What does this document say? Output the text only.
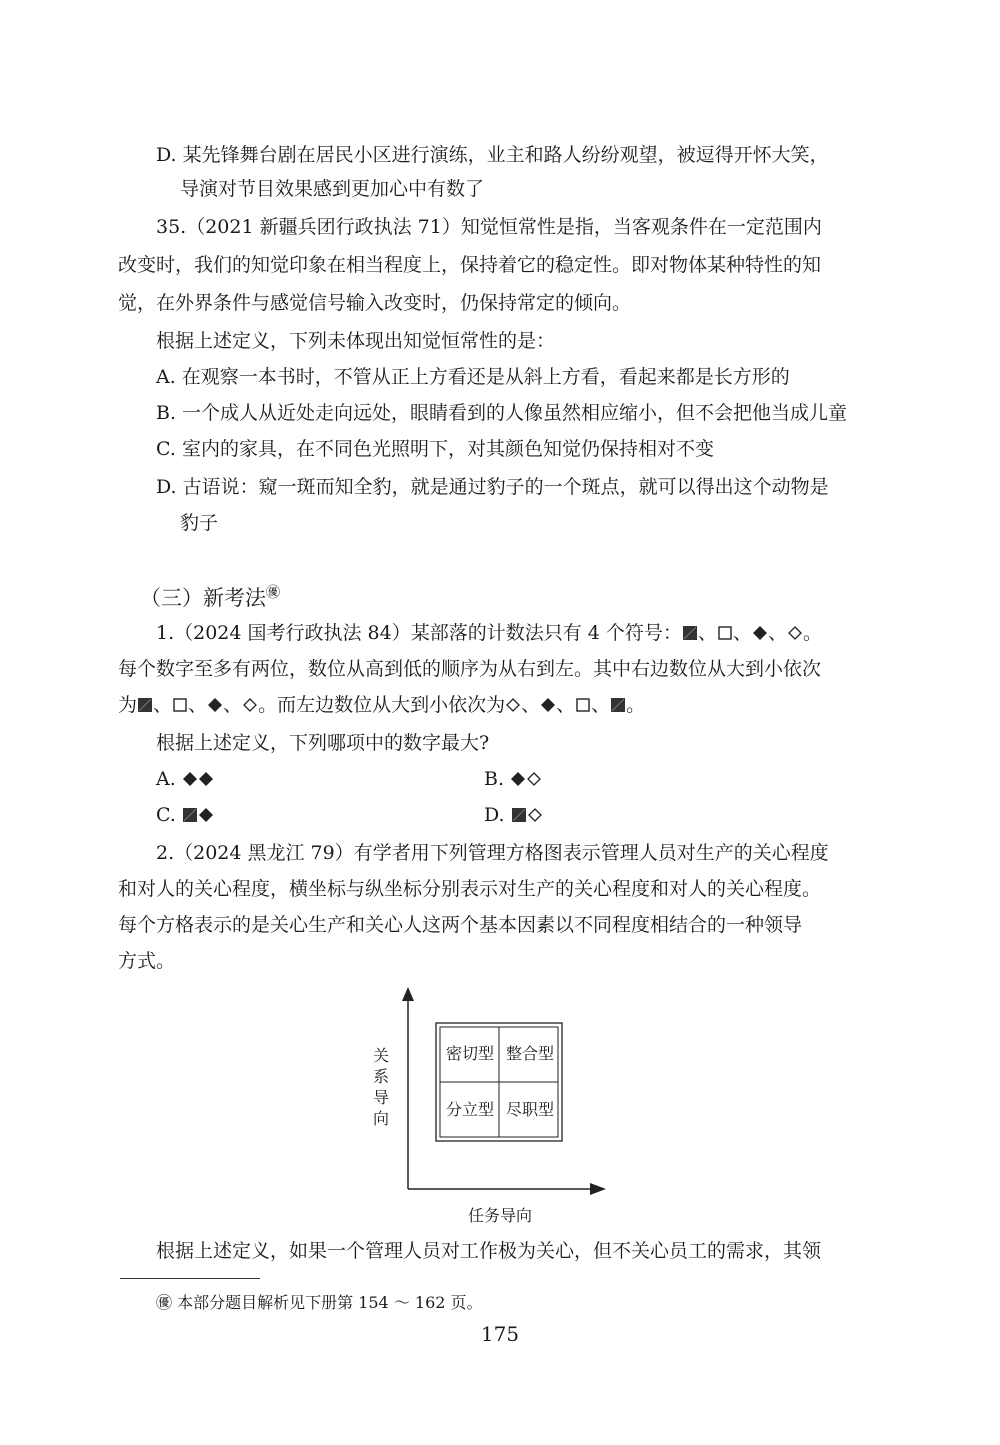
D. 某先锋舞台剧在居民小区进行演练，业主和路人纷纷观望，被逗得开怀大笑，
导演对节目效果感到更加心中有数了
35.（2021 新疆兵团行政执法 71）知觉恒常性是指，当客观条件在一定范围内
改变时，我们的知觉印象在相当程度上，保持着它的稳定性。即对物体某种特性的知
觉，在外界条件与感觉信号输入改变时，仍保持常定的倾向。
根据上述定义，下列未体现出知觉恒常性的是：
A. 在观察一本书时，不管从正上方看还是从斜上方看，看起来都是长方形的
B. 一个成人从近处走向远处，眼睛看到的人像虽然相应缩小，但不会把他当成儿童
C. 室内的家具，在不同色光照明下，对其颜色知觉仍保持相对不变
D. 古语说：窥一斑而知全豹，就是通过豹子的一个斑点，就可以得出这个动物是
豹子
（三）新考法㊝
1.（2024 国考行政执法 84）某部落的计数法只有 4 个符号： 、 、 、 。
每个数字至多有两位，数位从高到低的顺序为从右到左。其中右边数位从大到小依次
为 、 、 、 。而左边数位从大到小依次为 、 、 、 。
根据上述定义，下列哪项中的数字最大?
A.	B.
C.	D.
2.（2024 黑龙江 79）有学者用下列管理方格图表示管理人员对生产的关心程度
和对人的关心程度，横坐标与纵坐标分别表示对生产的关心程度和对人的关心程度。
每个方格表示的是关心生产和关心人这两个基本因素以不同程度相结合的一种领导
方式。
密切型 整合型
分立型 尽职型
关系导向
任务导向
根据上述定义，如果一个管理人员对工作极为关心，但不关心员工的需求，其领
㊝ 本部分题目解析见下册第 154 ～ 162 页。
175
